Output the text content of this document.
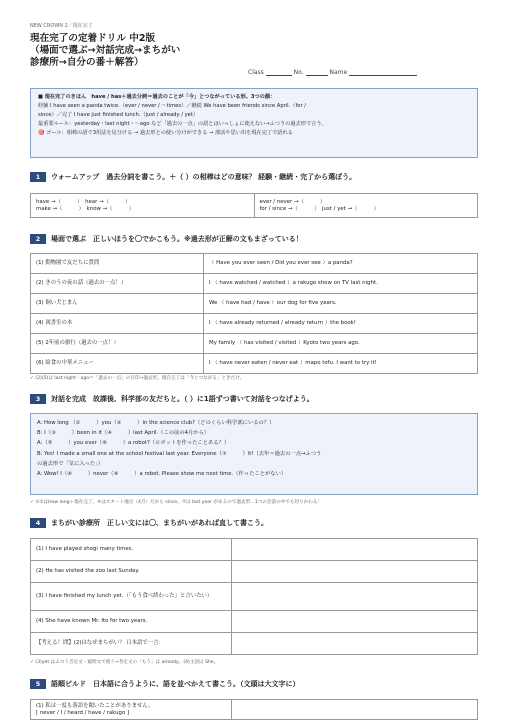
NEW CROWN 2／現在完了
現在完了の定着ドリル 中2版
（場面で選ぶ→対話完成→まちがい
診療所→自分の番＋解答）
Class	No.	Name

■ 現在完了のきほん　have / has＋過去分詞＝過去のことが「今」とつながっている形。3つの顔：

経験 I have seen a panda twice.（ever / never / ～times）／継続 We have been friends since April.（for /

since）／完了 I have just finished lunch.（just / already / yet）

最重要ルール：yesterday・last night・～ago など「過去の一点」の語とはいっしょに使えない→ふつうの過去形で言う。

🎯 ゴール：相棒の語で3用法を見分ける → 過去形との使い分けができる → 部活や思い出を現在完了で語れる

1 ウォームアップ　過去分詞を書こう。＋（ ）の相棒はどの意味？ 経験・継続・完了から選ぼう。
have →（　　　）　hear →（　　　）
make →（　　　）　know →（　　　）

ever / never →（　　　）
for / since →（　　　）　just / yet →（　　　）
2 場面で選ぶ　正しいほうを〇でかこもう。※過去形が正解の文もまざっている！
(1) 動物園で友だちに質問	（ Have you ever seen / Did you ever see ）a panda?
(2) きのうの夜の話（過去の一点！）	I （ have watched / watched ）a rakugo show on TV last night.
(3) 飼い犬じまん	We （ have had / have ）our dog for five years.
(4) 図書室の本	I （ have already returned / already return ）the book!
(5) 2年前の旅行（過去の一点！）	My family （ has visited / visited ）Kyoto two years ago.
(6) 給食の中華メニュー	I （ have never eaten / never eat ）mapo tofu. I want to try it!
✓ (2)(5)は last night・ago＝「過去の一点」の目印→過去形。現在完了は「今とつながる」ときだけ。
3 対話を完成　故課後、科学部の友だちと。（ ）に1語ずつ書いて対話をつなげよう。

A: How long （①　　　）you（②　　　）in the science club?（どのくらい科学部にいるの？）

B: I（③　　　）been in it（④　　　）last April.（この前の4月から）

A:（⑤　　　）you ever（⑥　　　）a robot?（ロボットを作ったことある？）

B: Yes! I made a small one at the school festival last year. Everyone（⑦　　　）it!（去年＝過去の一点→ふつう

の過去形で「気に入った」）

A: Wow! I（⑧　　　）never（⑨　　　）a robot. Please show me next time.（作ったことがない）

✓ ①②はHow long＋現在完了。④はスタート地点（4月）だから since。⑦は last year があるので過去形…1つの会話の中でも切りかわる！
4 まちがい診療所　正しい文には〇、まちがいがあれば直して書こう。
(1) I have played shogi many times.	
(2) He has visited the zoo last Sunday.	
(3) I have finished my lunch yet.（「もう食べ終わった」と言いたい）	
(4) She have known Mr. Ito for two years.	
【考える！問】(2)はなぜまちがい？ 日本語で一言：	
✓ (3)yet はふつう否定文・疑問文で使う→肯定文の「もう」は already。(4)主語は She。
5 語順ビルド　日本語に合うように、語を並べかえて書こう。（文頭は大文字に）
(1) 私は一度も落語を聞いたことがありません。
[ never / I / heard / have / rakugo ]
